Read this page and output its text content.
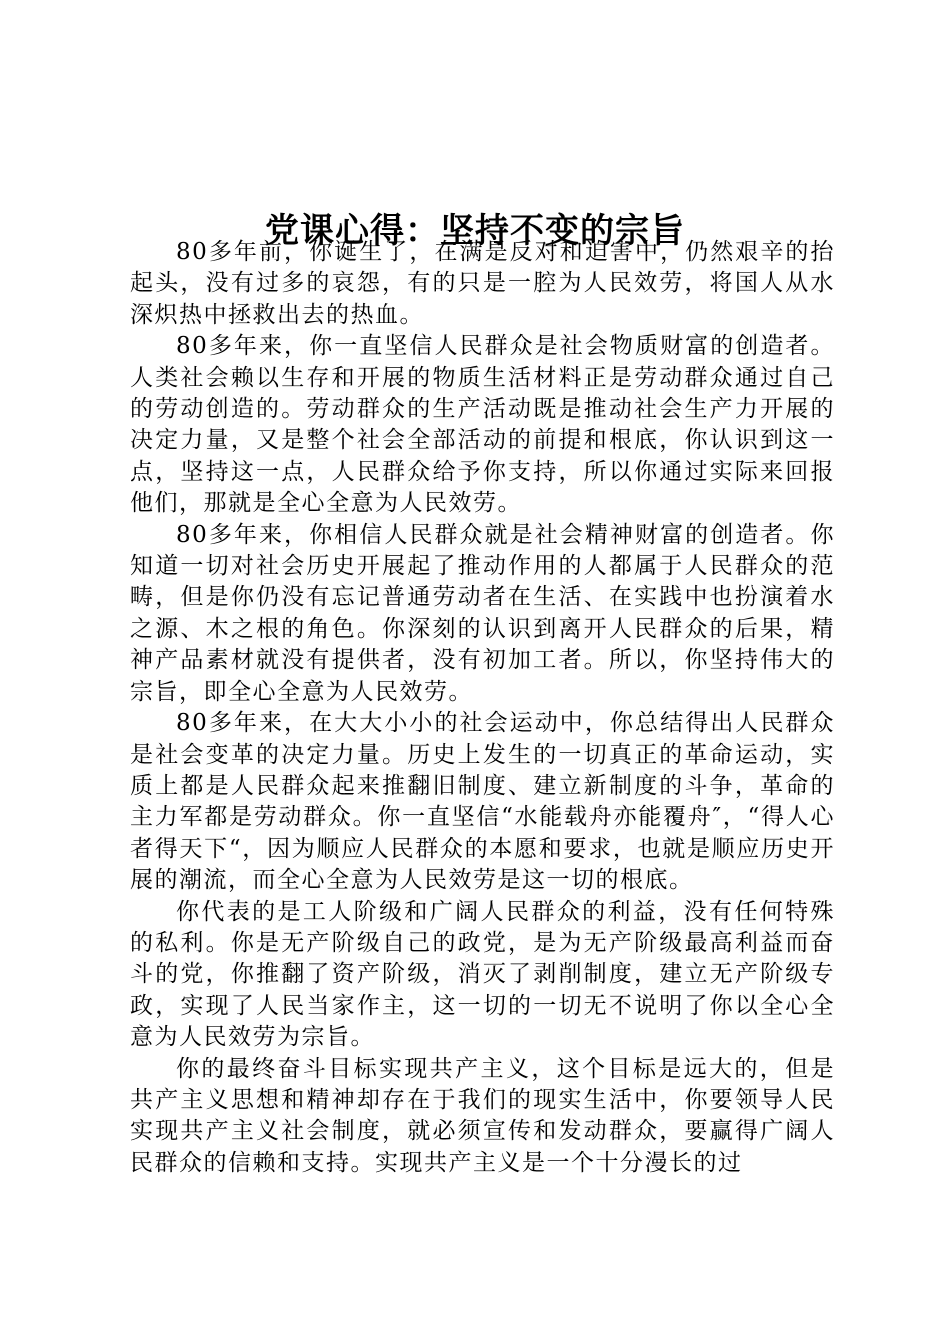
党课心得：坚持不变的宗旨

80多年前，你诞生了，在满是反对和迫害中，仍然艰辛的抬起头，没有过多的哀怨，有的只是一腔为人民效劳，将国人从水深炽热中拯救出去的热血。

80多年来，你一直坚信人民群众是社会物质财富的创造者。人类社会赖以生存和开展的物质生活材料正是劳动群众通过自己的劳动创造的。劳动群众的生产活动既是推动社会生产力开展的决定力量，又是整个社会全部活动的前提和根底，你认识到这一点，坚持这一点，人民群众给予你支持，所以你通过实际来回报他们，那就是全心全意为人民效劳。

80多年来，你相信人民群众就是社会精神财富的创造者。你知道一切对社会历史开展起了推动作用的人都属于人民群众的范畴，但是你仍没有忘记普通劳动者在生活、在实践中也扮演着水之源、木之根的角色。你深刻的认识到离开人民群众的后果，精神产品素材就没有提供者，没有初加工者。所以，你坚持伟大的宗旨，即全心全意为人民效劳。

80多年来，在大大小小的社会运动中，你总结得出人民群众是社会变革的决定力量。历史上发生的一切真正的革命运动，实质上都是人民群众起来推翻旧制度、建立新制度的斗争，革命的主力军都是劳动群众。你一直坚信“水能载舟亦能覆舟″，“得人心者得天下“，因为顺应人民群众的本愿和要求，也就是顺应历史开展的潮流，而全心全意为人民效劳是这一切的根底。

你代表的是工人阶级和广阔人民群众的利益，没有任何特殊的私利。你是无产阶级自己的政党，是为无产阶级最高利益而奋斗的党，你推翻了资产阶级，消灭了剥削制度，建立无产阶级专政，实现了人民当家作主，这一切的一切无不说明了你以全心全意为人民效劳为宗旨。

你的最终奋斗目标实现共产主义，这个目标是远大的，但是共产主义思想和精神却存在于我们的现实生活中，你要领导人民实现共产主义社会制度，就必须宣传和发动群众，要赢得广阔人民群众的信赖和支持。实现共产主义是一个十分漫长的过
